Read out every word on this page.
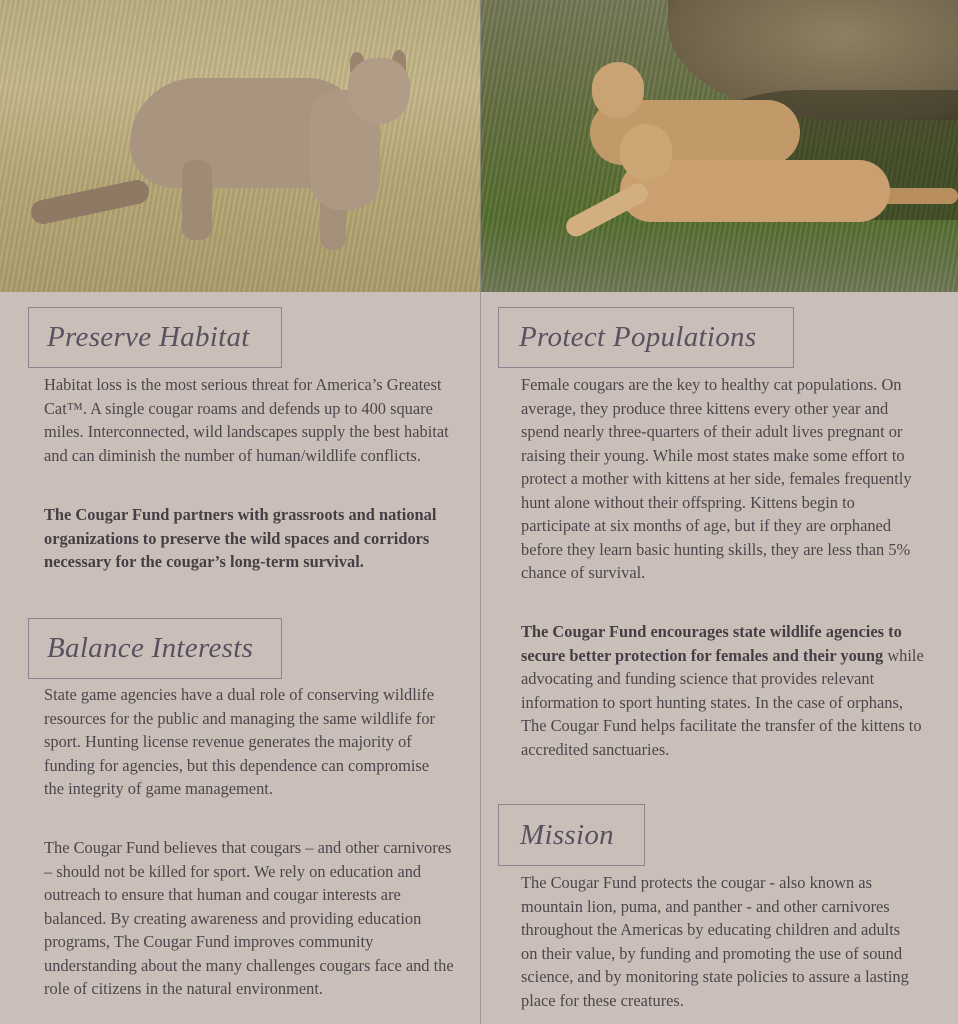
Preserve Habitat

Habitat loss is the most serious threat for America’s Greatest Cat™. A single cougar roams and defends up to 400 square miles. Interconnected, wild landscapes supply the best habitat and can diminish the number of human/wildlife conflicts.

The Cougar Fund partners with grassroots and national organizations to preserve the wild spaces and corridors necessary for the cougar’s long-term survival.

Balance Interests

State game agencies have a dual role of conserving wildlife resources for the public and managing the same wildlife for sport. Hunting license revenue generates the majority of funding for agencies, but this dependence can compromise the integrity of game management.

The Cougar Fund believes that cougars – and other carnivores – should not be killed for sport. We rely on education and outreach to ensure that human and cougar interests are balanced. By creating awareness and providing education programs, The Cougar Fund improves community understanding about the many challenges cougars face and the role of citizens in the natural environment.

Protect Populations

Female cougars are the key to healthy cat populations. On average, they produce three kittens every other year and spend nearly three-quarters of their adult lives pregnant or raising their young. While most states make some effort to protect a mother with kittens at her side, females frequently hunt alone without their offspring. Kittens begin to participate at six months of age, but if they are orphaned before they learn basic hunting skills, they are less than 5% chance of survival.

The Cougar Fund encourages state wildlife agencies to secure better protection for females and their young while advocating and funding science that provides relevant information to sport hunting states. In the case of orphans, The Cougar Fund helps facilitate the transfer of the kittens to accredited sanctuaries.

Mission

The Cougar Fund protects the cougar - also known as mountain lion, puma, and panther - and other carnivores throughout the Americas by educating children and adults on their value, by funding and promoting the use of sound science, and by monitoring state policies to assure a lasting place for these creatures.
